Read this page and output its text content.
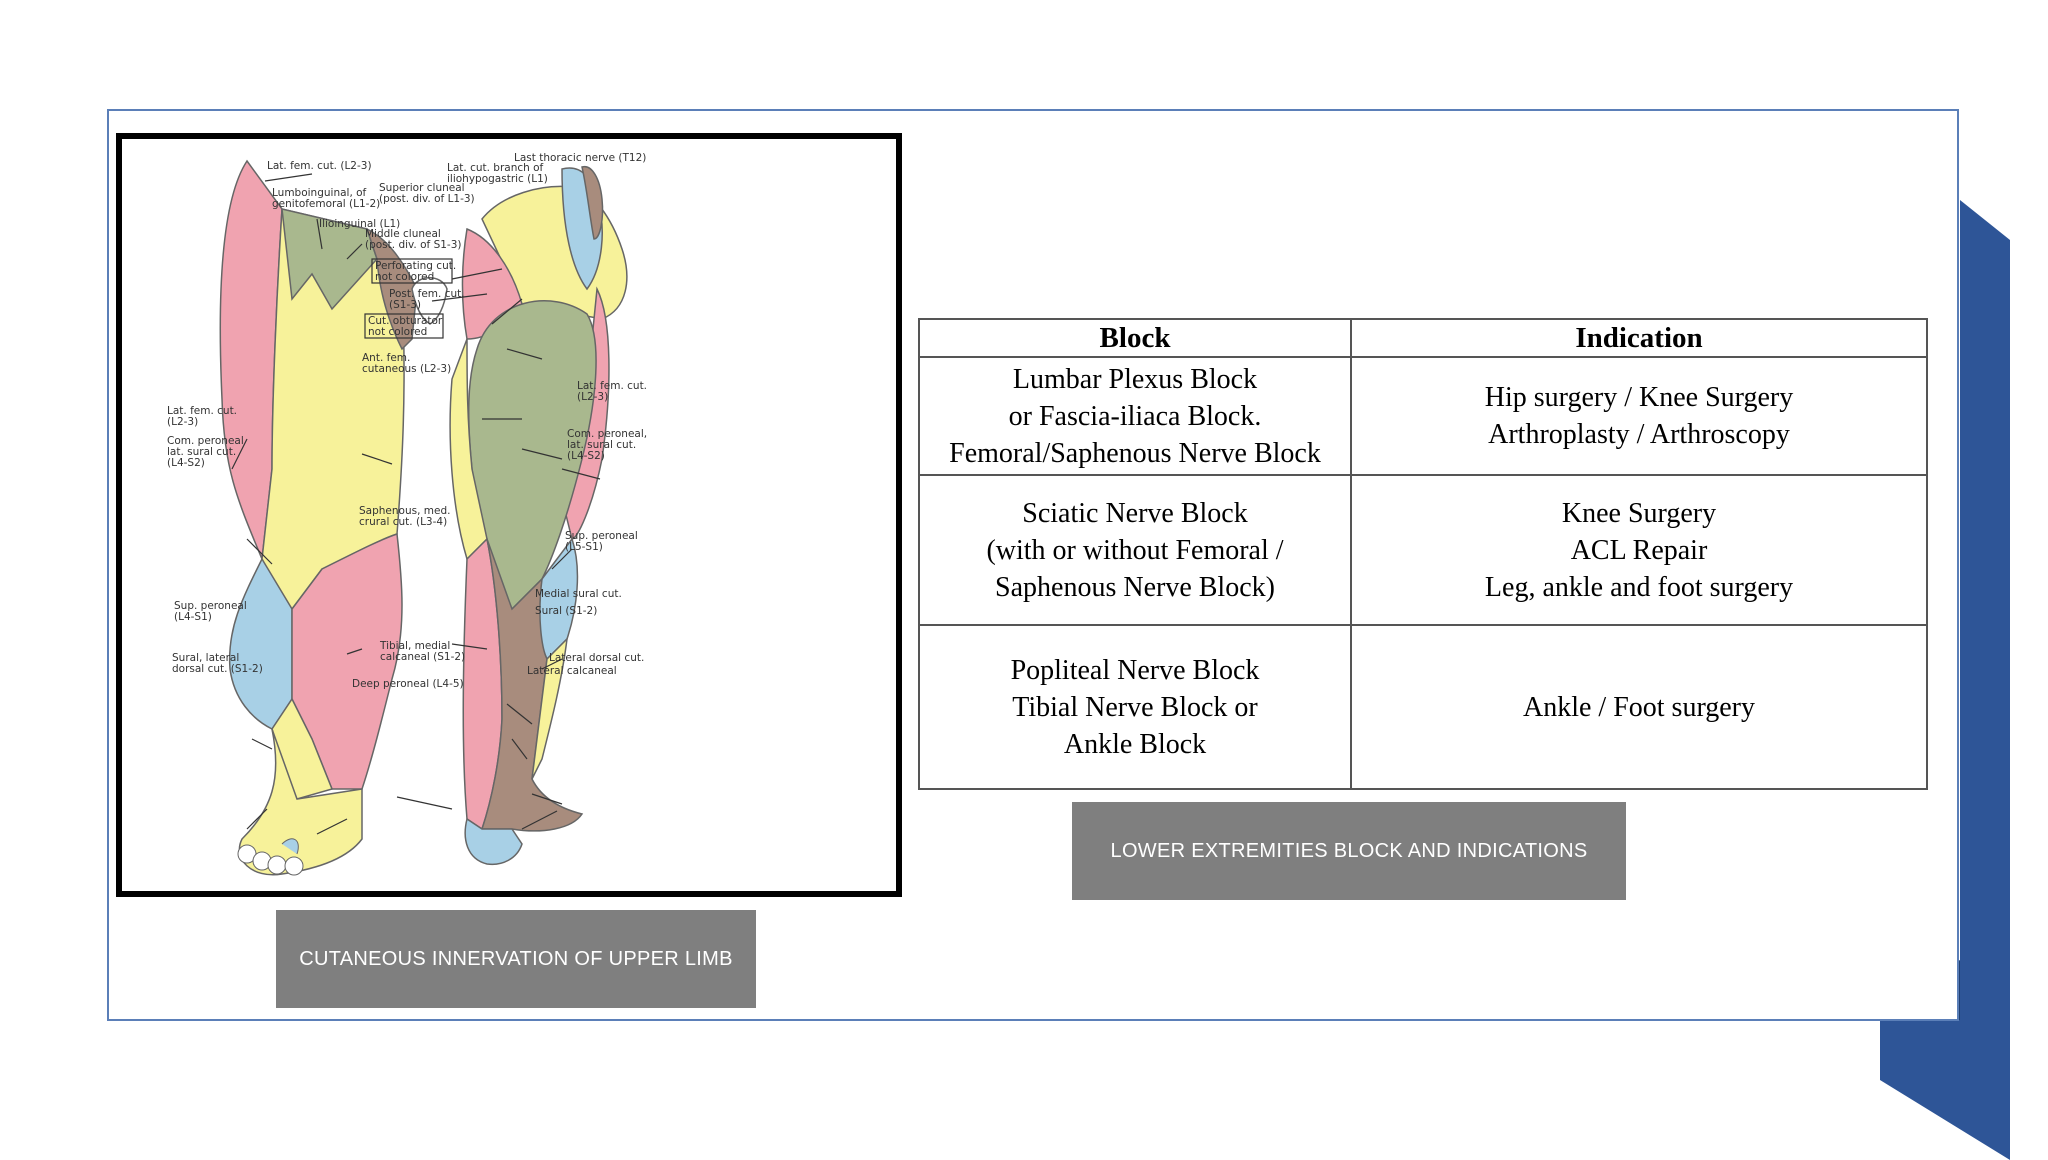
Lat. fem. cut. (L2-3)
Lumboinguinal, of
genitofemoral (L1-2)
Ilioinguinal (L1)
Last thoracic nerve (T12)
Lat. cut. branch of
iliohypogastric (L1)
Superior cluneal
(post. div. of L1-3)
Middle cluneal
(post. div. of S1-3)
Perforating cut.
not colored
Post. fem. cut.
(S1-3)
Cut. obturator
not colored
Ant. fem.
cutaneous (L2-3)
Lat. fem. cut.
(L2-3)
Lat. fem. cut.
(L2-3)
Com. peroneal
lat. sural cut.
(L4-S2)
Com. peroneal,
lat. sural cut.
(L4-S2)
Saphenous, med.
crural cut. (L3-4)
Sup. peroneal
(L5-S1)
Sup. peroneal
(L4-S1)
Medial sural cut.
Sural (S1-2)
Sural, lateral
dorsal cut. (S1-2)
Tibial, medial
calcaneal (S1-2)	Lateral dorsal cut.
Lateral calcaneal
Deep peroneal (L4-5)
CUTANEOUS INNERVATION OF UPPER LIMB
Block	Indication

Lumbar Plexus Block
or Fascia-iliaca Block.
Femoral/Saphenous Nerve Block	Hip surgery / Knee Surgery
Arthroplasty / Arthroscopy

Sciatic Nerve Block
(with or without Femoral /
Saphenous Nerve Block)	Knee Surgery
ACL Repair
Leg, ankle and foot surgery

Popliteal Nerve Block
Tibial Nerve Block or
Ankle Block	Ankle / Foot surgery
LOWER EXTREMITIES BLOCK AND INDICATIONS
